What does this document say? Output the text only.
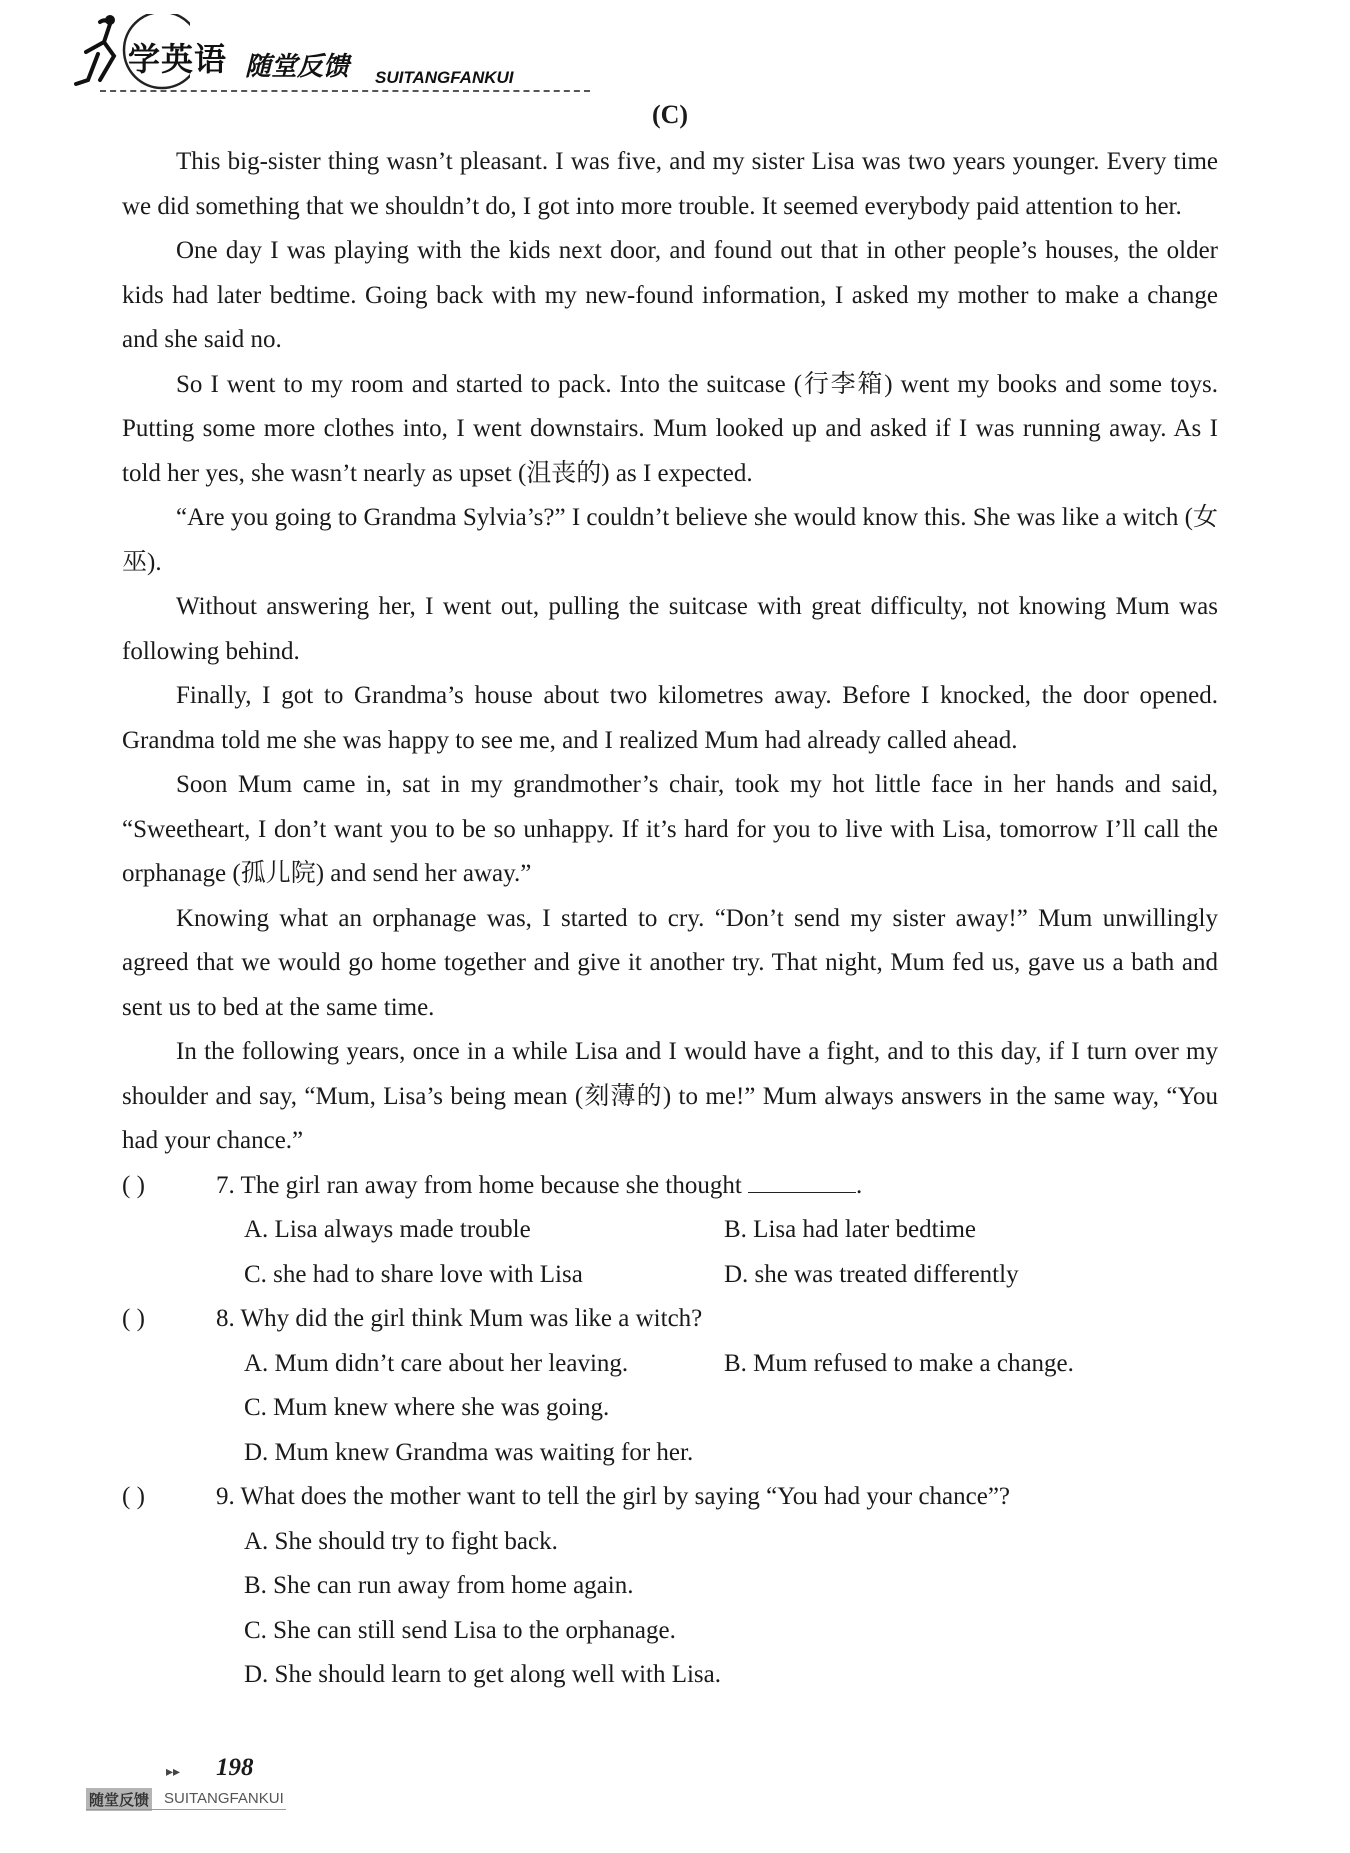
学英语 随堂反馈 SUITANGFANKUI
(C)

This big-sister thing wasn’t pleasant. I was five, and my sister Lisa was two years younger. Every time we did something that we shouldn’t do, I got into more trouble. It seemed everybody paid attention to her.

One day I was playing with the kids next door, and found out that in other people’s houses, the older kids had later bedtime. Going back with my new-found information, I asked my mother to make a change and she said no.

So I went to my room and started to pack. Into the suitcase (行李箱) went my books and some toys. Putting some more clothes into, I went downstairs. Mum looked up and asked if I was running away. As I told her yes, she wasn’t nearly as upset (沮丧的) as I expected.

“Are you going to Grandma Sylvia’s?” I couldn’t believe she would know this. She was like a witch (女巫).

Without answering her, I went out, pulling the suitcase with great difficulty, not knowing Mum was following behind.

Finally, I got to Grandma’s house about two kilometres away. Before I knocked, the door opened. Grandma told me she was happy to see me, and I realized Mum had already called ahead.

Soon Mum came in, sat in my grandmother’s chair, took my hot little face in her hands and said, “Sweetheart, I don’t want you to be so unhappy. If it’s hard for you to live with Lisa, tomorrow I’ll call the orphanage (孤儿院) and send her away.”

Knowing what an orphanage was, I started to cry. “Don’t send my sister away!” Mum unwillingly agreed that we would go home together and give it another try. That night, Mum fed us, gave us a bath and sent us to bed at the same time.

In the following years, once in a while Lisa and I would have a fight, and to this day, if I turn over my shoulder and say, “Mum, Lisa’s being mean (刻薄的) to me!” Mum always answers in the same way, “You had your chance.”

( )	7. The girl ran away from home because she thought	.
A. Lisa always made trouble	B. Lisa had later bedtime
C. she had to share love with Lisa	D. she was treated differently
( )	8. Why did the girl think Mum was like a witch?
A. Mum didn’t care about her leaving.	B. Mum refused to make a change.
C. Mum knew where she was going.
D. Mum knew Grandma was waiting for her.
( )	9. What does the mother want to tell the girl by saying “You had your chance”?
A. She should try to fight back.
B. She can run away from home again.
C. She can still send Lisa to the orphanage.
D. She should learn to get along well with Lisa.
▸▸ 198
随堂反馈 SUITANGFANKUI
